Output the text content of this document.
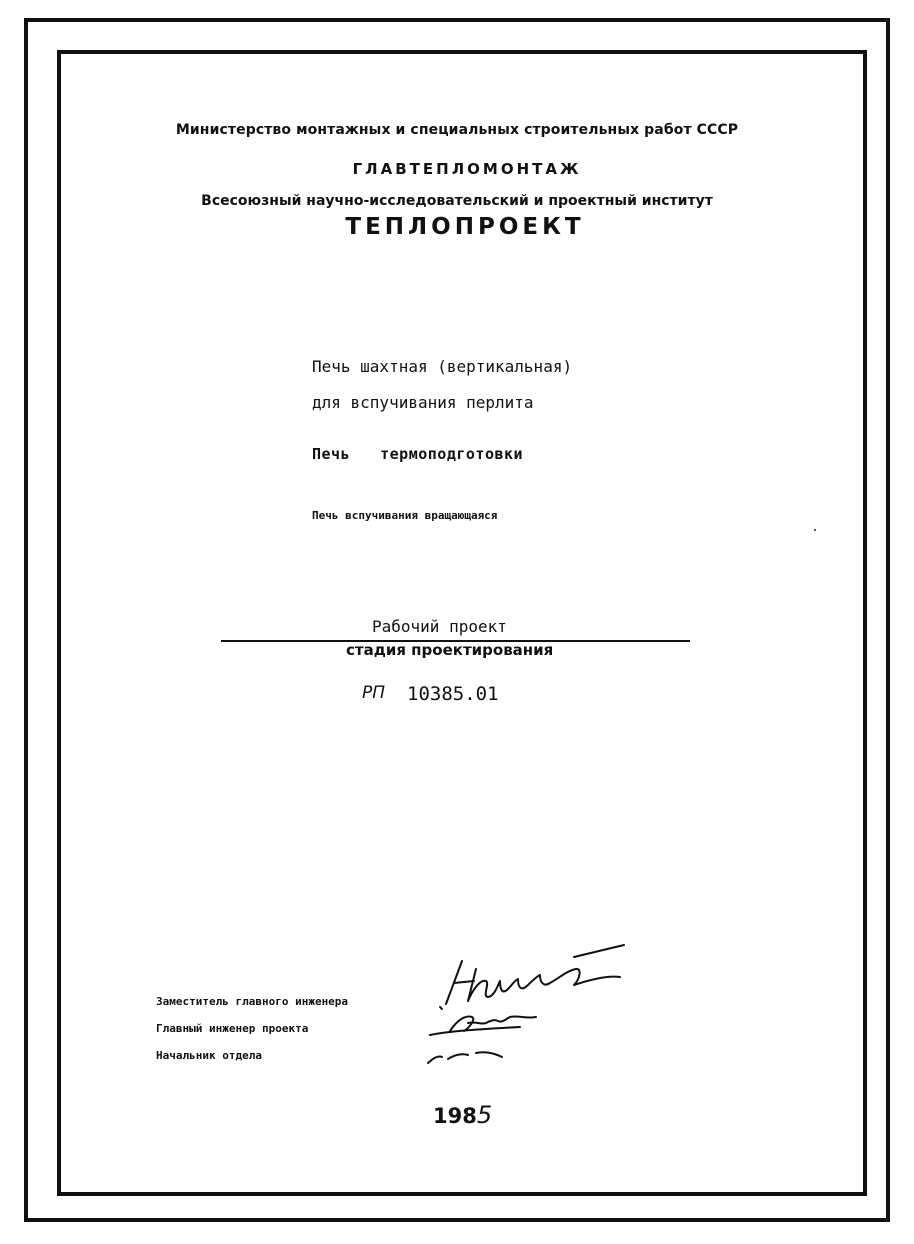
Министерство монтажных и специальных строительных работ СССР
ГЛАВТЕПЛОМОНТАЖ
Всесоюзный научно-исследовательский и проектный институт
ТЕПЛОПРОЕКТ
Печь шахтная (вертикальная)
для вспучивания перлита
Печь термоподготовки
Печь вспучивания вращающаяся
Рабочий проект
стадия проектирования
РП 10385.01
Заместитель главного инженера
Главный инженер проекта
Начальник отдела
1985
